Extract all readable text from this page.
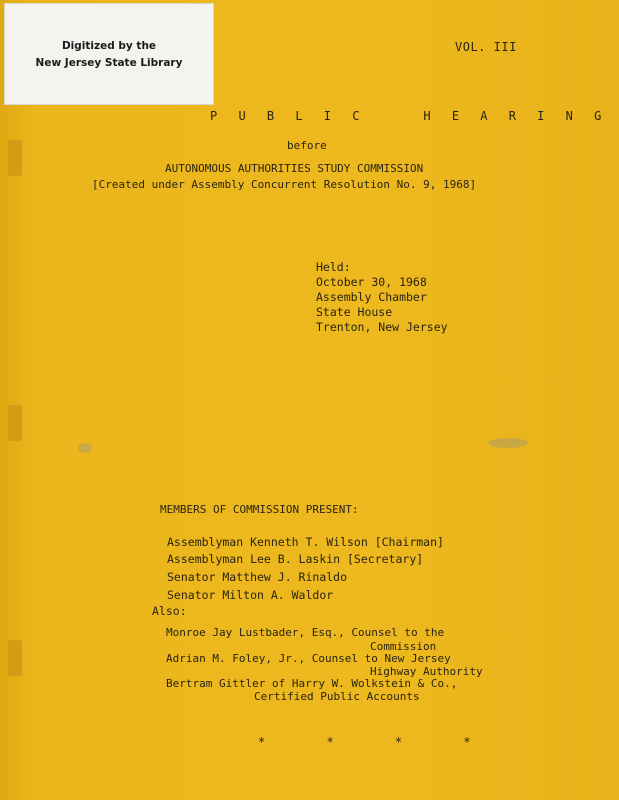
Digitized by the
New Jersey State Library
VOL. III
P U B L I C    H E A R I N G
before
AUTONOMOUS AUTHORITIES STUDY COMMISSION
[Created under Assembly Concurrent Resolution No. 9, 1968]
Held:
October 30, 1968
Assembly Chamber
State House
Trenton, New Jersey
MEMBERS OF COMMISSION PRESENT:
Assemblyman Kenneth T. Wilson [Chairman]
Assemblyman Lee B. Laskin [Secretary]
Senator Matthew J. Rinaldo
Senator Milton A. Waldor
Also:
Monroe Jay Lustbader, Esq., Counsel to the
Commission
Adrian M. Foley, Jr., Counsel to New Jersey
Highway Authority
Bertram Gittler of Harry W. Wolkstein & Co.,
Certified Public Accounts
* * * *
